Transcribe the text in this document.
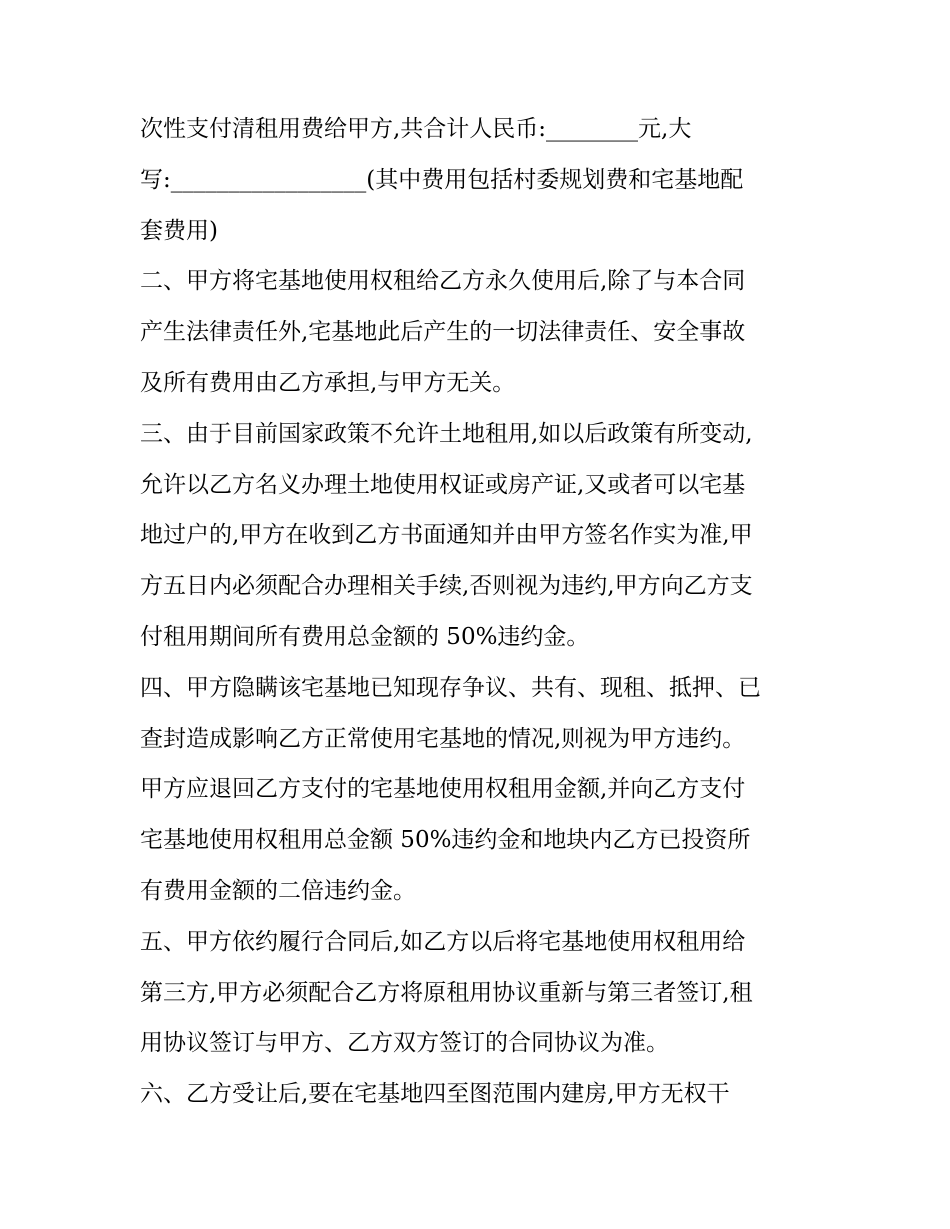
次性支付清租用费给甲方,共合计人民币:________元,大
写:_________________(其中费用包括村委规划费和宅基地配
套费用)
二、甲方将宅基地使用权租给乙方永久使用后,除了与本合同
产生法律责任外,宅基地此后产生的一切法律责任、安全事故
及所有费用由乙方承担,与甲方无关。
三、由于目前国家政策不允许土地租用,如以后政策有所变动,
允许以乙方名义办理土地使用权证或房产证,又或者可以宅基
地过户的,甲方在收到乙方书面通知并由甲方签名作实为准,甲
方五日内必须配合办理相关手续,否则视为违约,甲方向乙方支
付租用期间所有费用总金额的 50%违约金。
四、甲方隐瞒该宅基地已知现存争议、共有、现租、抵押、已
查封造成影响乙方正常使用宅基地的情况,则视为甲方违约。
甲方应退回乙方支付的宅基地使用权租用金额,并向乙方支付
宅基地使用权租用总金额 50%违约金和地块内乙方已投资所
有费用金额的二倍违约金。
五、甲方依约履行合同后,如乙方以后将宅基地使用权租用给
第三方,甲方必须配合乙方将原租用协议重新与第三者签订,租
用协议签订与甲方、乙方双方签订的合同协议为准。
六、乙方受让后,要在宅基地四至图范围内建房,甲方无权干
